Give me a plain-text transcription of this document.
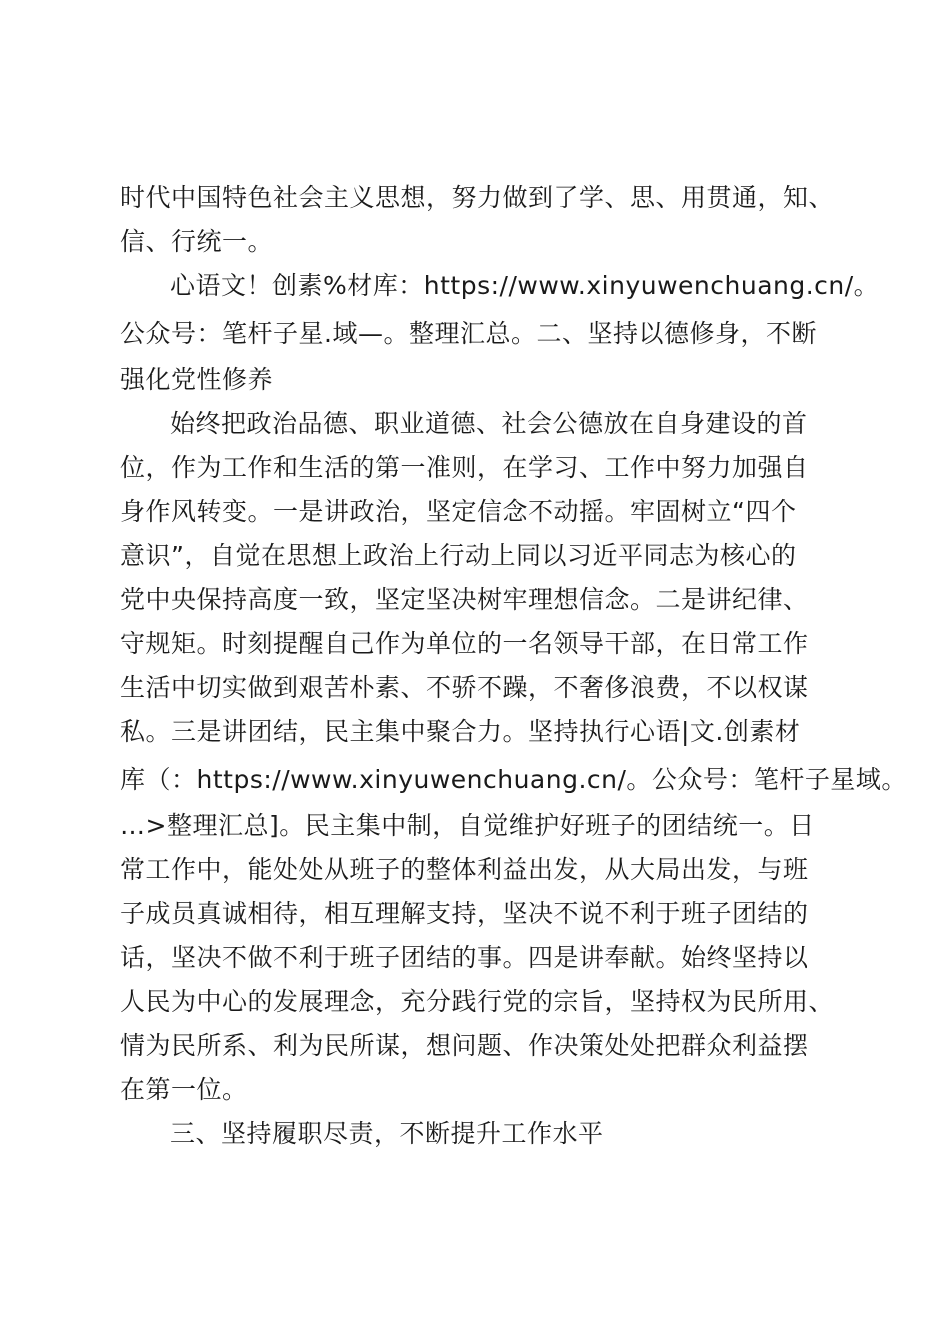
时代中国特色社会主义思想，努力做到了学、思、用贯通，知、
信、行统一。
心语文！创素%材库：https://www.xinyuwenchuang.cn/。
公众号：笔杆子星.域—。整理汇总。二、坚持以德修身，不断
强化党性修养
始终把政治品德、职业道德、社会公德放在自身建设的首
位，作为工作和生活的第一准则，在学习、工作中努力加强自
身作风转变。一是讲政治，坚定信念不动摇。牢固树立“四个
意识”，自觉在思想上政治上行动上同以习近平同志为核心的
党中央保持高度一致，坚定坚决树牢理想信念。二是讲纪律、
守规矩。时刻提醒自己作为单位的一名领导干部，在日常工作
生活中切实做到艰苦朴素、不骄不躁，不奢侈浪费，不以权谋
私。三是讲团结，民主集中聚合力。坚持执行心语|文.创素材
库（：https://www.xinyuwenchuang.cn/。公众号：笔杆子星域。
…>整理汇总]。民主集中制，自觉维护好班子的团结统一。日
常工作中，能处处从班子的整体利益出发，从大局出发，与班
子成员真诚相待，相互理解支持，坚决不说不利于班子团结的
话，坚决不做不利于班子团结的事。四是讲奉献。始终坚持以
人民为中心的发展理念，充分践行党的宗旨，坚持权为民所用、
情为民所系、利为民所谋，想问题、作决策处处把群众利益摆
在第一位。
三、坚持履职尽责，不断提升工作水平
